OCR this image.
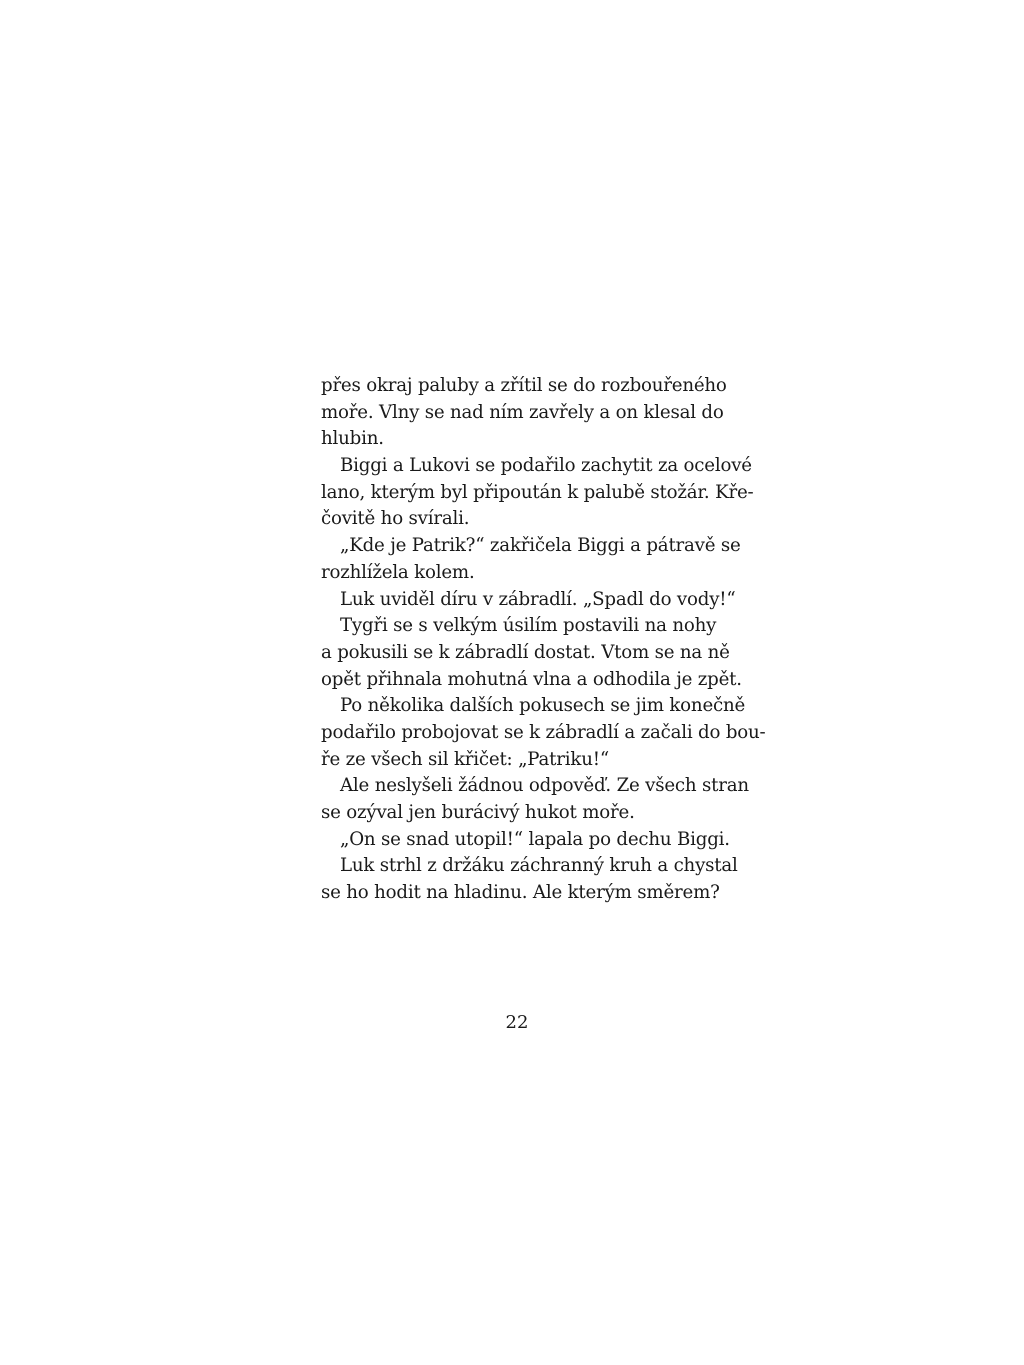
přes okraj paluby a zřítil se do rozbouřeného
moře. Vlny se nad ním zavřely a on klesal do
hlubin.
Biggi a Lukovi se podařilo zachytit za ocelové
lano, kterým byl připoután k palubě stožár. Kře-
čovitě ho svírali.
„Kde je Patrik?“ zakřičela Biggi a pátravě se
rozhlížela kolem.
Luk uviděl díru v zábradlí. „Spadl do vody!“
Tygři se s velkým úsilím postavili na nohy
a pokusili se k zábradlí dostat. Vtom se na ně
opět přihnala mohutná vlna a odhodila je zpět.
Po několika dalších pokusech se jim konečně
podařilo probojovat se k zábradlí a začali do bou-
ře ze všech sil křičet: „Patriku!“
Ale neslyšeli žádnou odpověď. Ze všech stran
se ozýval jen burácivý hukot moře.
„On se snad utopil!“ lapala po dechu Biggi.
Luk strhl z držáku záchranný kruh a chystal
se ho hodit na hladinu. Ale kterým směrem?
22
